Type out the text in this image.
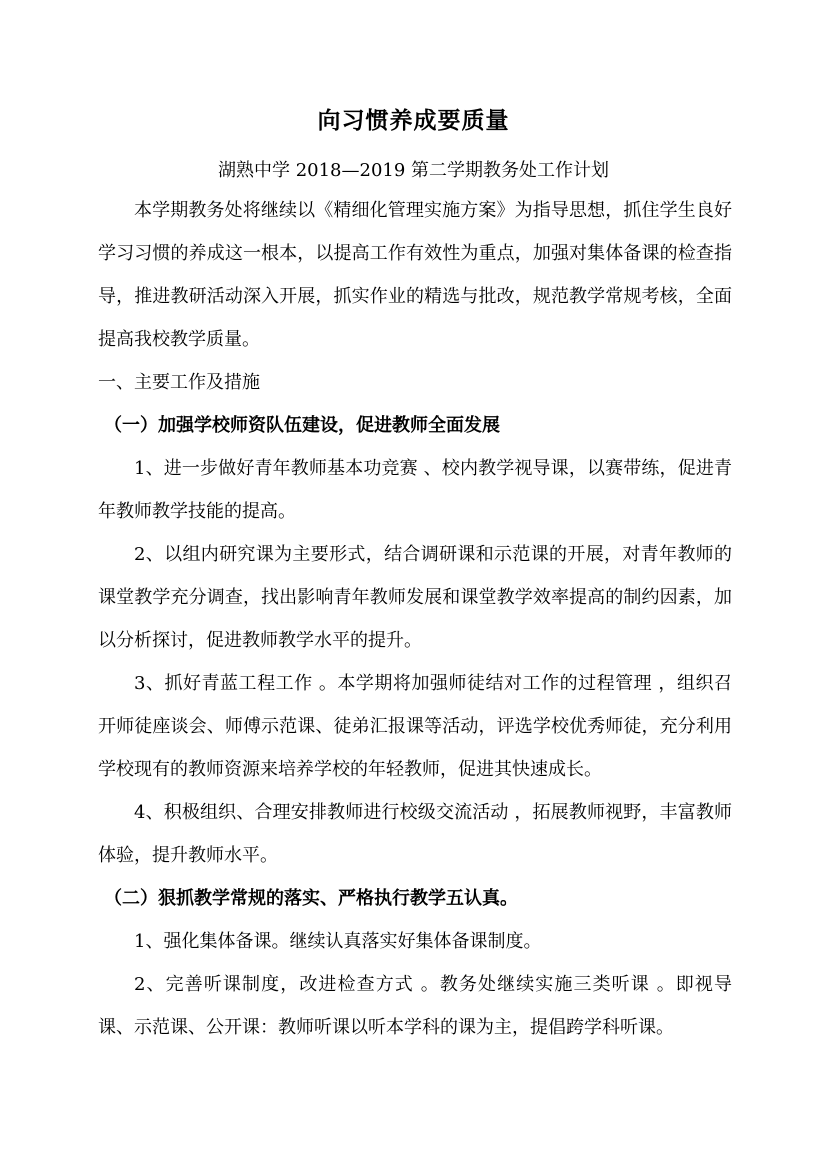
向习惯养成要质量
湖熟中学 2018—2019 第二学期教务处工作计划

本学期教务处将继续以《精细化管理实施方案》为指导思想，抓住学生良好学习习惯的养成这一根本，以提高工作有效性为重点，加强对集体备课的检查指导，推进教研活动深入开展，抓实作业的精选与批改，规范教学常规考核，全面提高我校教学质量。

一、主要工作及措施

（一）加强学校师资队伍建设，促进教师全面发展

1、进一步做好青年教师基本功竞赛 、校内教学视导课，以赛带练，促进青年教师教学技能的提高。

2、以组内研究课为主要形式，结合调研课和示范课的开展，对青年教师的课堂教学充分调查，找出影响青年教师发展和课堂教学效率提高的制约因素，加以分析探讨，促进教师教学水平的提升。

3、抓好青蓝工程工作 。本学期将加强师徒结对工作的过程管理 ，组织召开师徒座谈会、师傅示范课、徒弟汇报课等活动，评选学校优秀师徒，充分利用学校现有的教师资源来培养学校的年轻教师，促进其快速成长。

4、积极组织、合理安排教师进行校级交流活动 ，拓展教师视野，丰富教师体验，提升教师水平。

（二）狠抓教学常规的落实、严格执行教学五认真。

1、强化集体备课。继续认真落实好集体备课制度。

2、完善听课制度，改进检查方式 。教务处继续实施三类听课 。即视导课、示范课、公开课：教师听课以听本学科的课为主，提倡跨学科听课。
